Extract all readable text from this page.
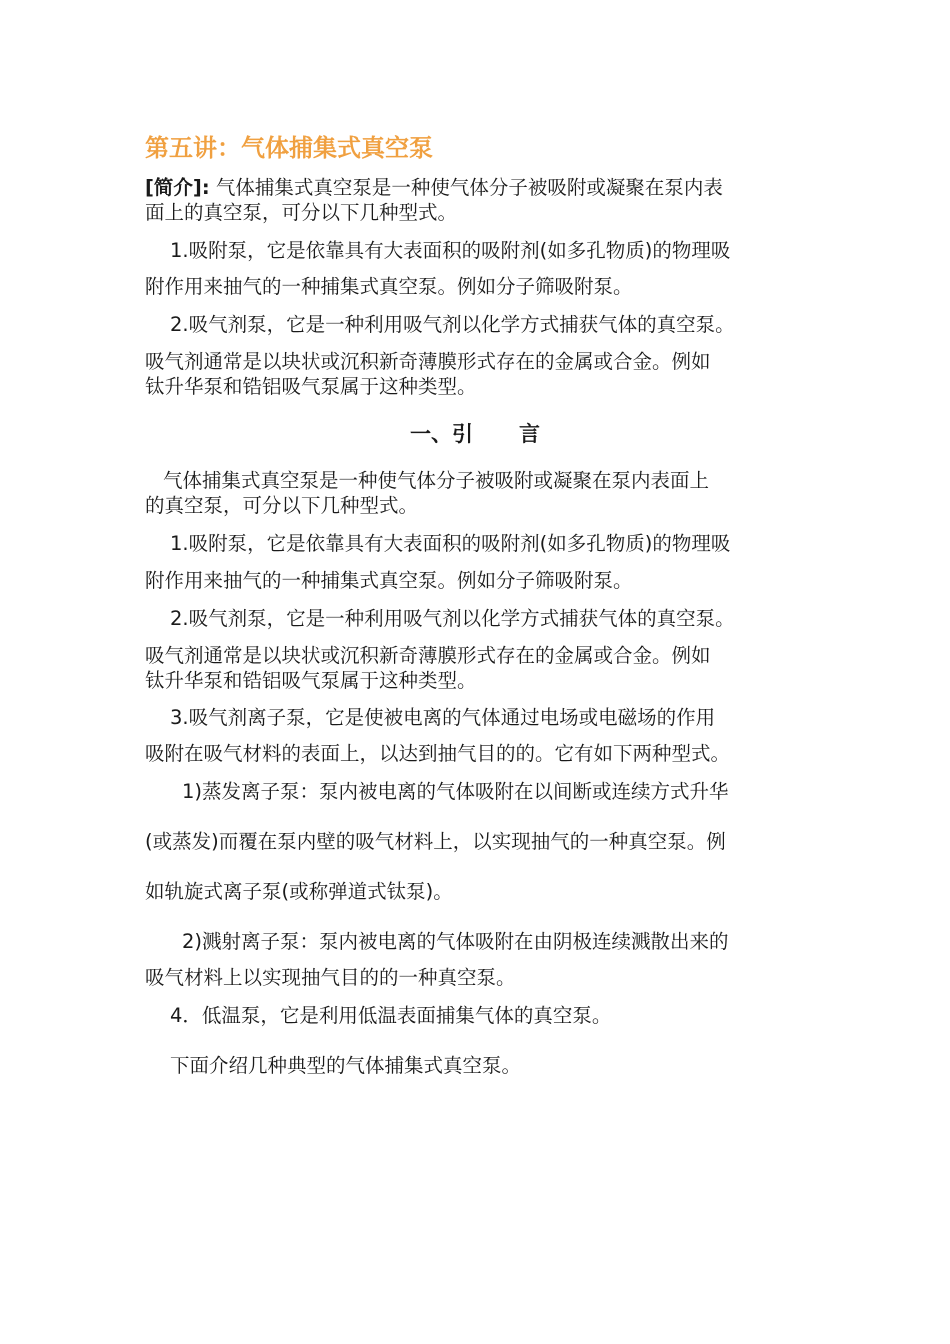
第五讲：气体捕集式真空泵

[简介]: 气体捕集式真空泵是一种使气体分子被吸附或凝聚在泵内表

面上的真空泵，可分以下几种型式。

1.吸附泵，它是依靠具有大表面积的吸附剂(如多孔物质)的物理吸

附作用来抽气的一种捕集式真空泵。例如分子筛吸附泵。

2.吸气剂泵，它是一种利用吸气剂以化学方式捕获气体的真空泵。

吸气剂通常是以块状或沉积新奇薄膜形式存在的金属或合金。例如

钛升华泵和锆铝吸气泵属于这种类型。

一、引 言

气体捕集式真空泵是一种使气体分子被吸附或凝聚在泵内表面上

的真空泵，可分以下几种型式。

1.吸附泵，它是依靠具有大表面积的吸附剂(如多孔物质)的物理吸

附作用来抽气的一种捕集式真空泵。例如分子筛吸附泵。

2.吸气剂泵，它是一种利用吸气剂以化学方式捕获气体的真空泵。

吸气剂通常是以块状或沉积新奇薄膜形式存在的金属或合金。例如

钛升华泵和锆铝吸气泵属于这种类型。

3.吸气剂离子泵，它是使被电离的气体通过电场或电磁场的作用

吸附在吸气材料的表面上，以达到抽气目的的。它有如下两种型式。

1)蒸发离子泵：泵内被电离的气体吸附在以间断或连续方式升华

(或蒸发)而覆在泵内壁的吸气材料上，以实现抽气的一种真空泵。例

如轨旋式离子泵(或称弹道式钛泵)。

2)溅射离子泵：泵内被电离的气体吸附在由阴极连续溅散出来的

吸气材料上以实现抽气目的的一种真空泵。

4．低温泵，它是利用低温表面捕集气体的真空泵。

下面介绍几种典型的气体捕集式真空泵。
